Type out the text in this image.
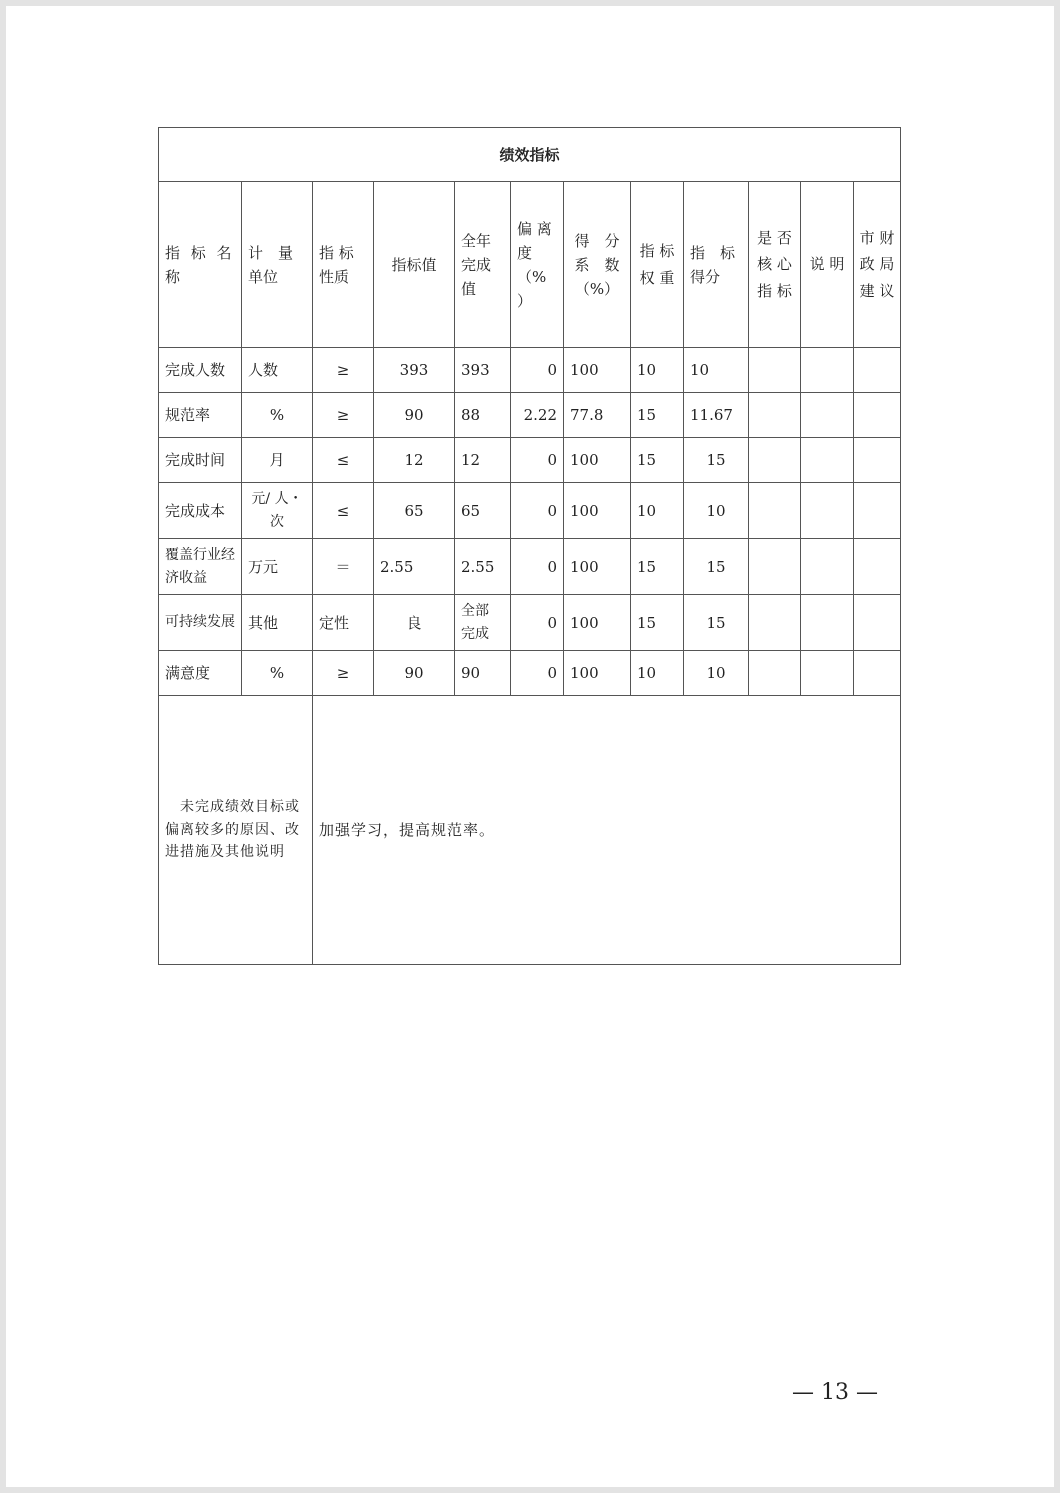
绩效指标											
指 标 名 称	计　量 单位	指 标 性质	指标值	全年 完成 值	偏 离 度 （% ）	得　分 系　数 （%）	指 标 权 重	指　标 得分	是 否 核 心 指 标	说 明	市 财 政 局 建 议
完成人数	人数	≥	393	393	0	100	10	10			
规范率	%	≥	90	88	2.22	77.8	15	11.67			
完成时间	月	≤	12	12	0	100	15	15			
完成成本	元/ 人・次	≤	65	65	0	100	10	10			
覆盖行业经济收益	万元	＝	2.55	2.55	0	100	15	15			
可持续发展	其他	定性	良	全部 完成	0	100	15	15			
满意度	%	≥	90	90	0	100	10	10			
　未完成绩效目标或偏离较多的原因、改进措施及其他说明		加强学习，提高规范率。									
— 13 —
